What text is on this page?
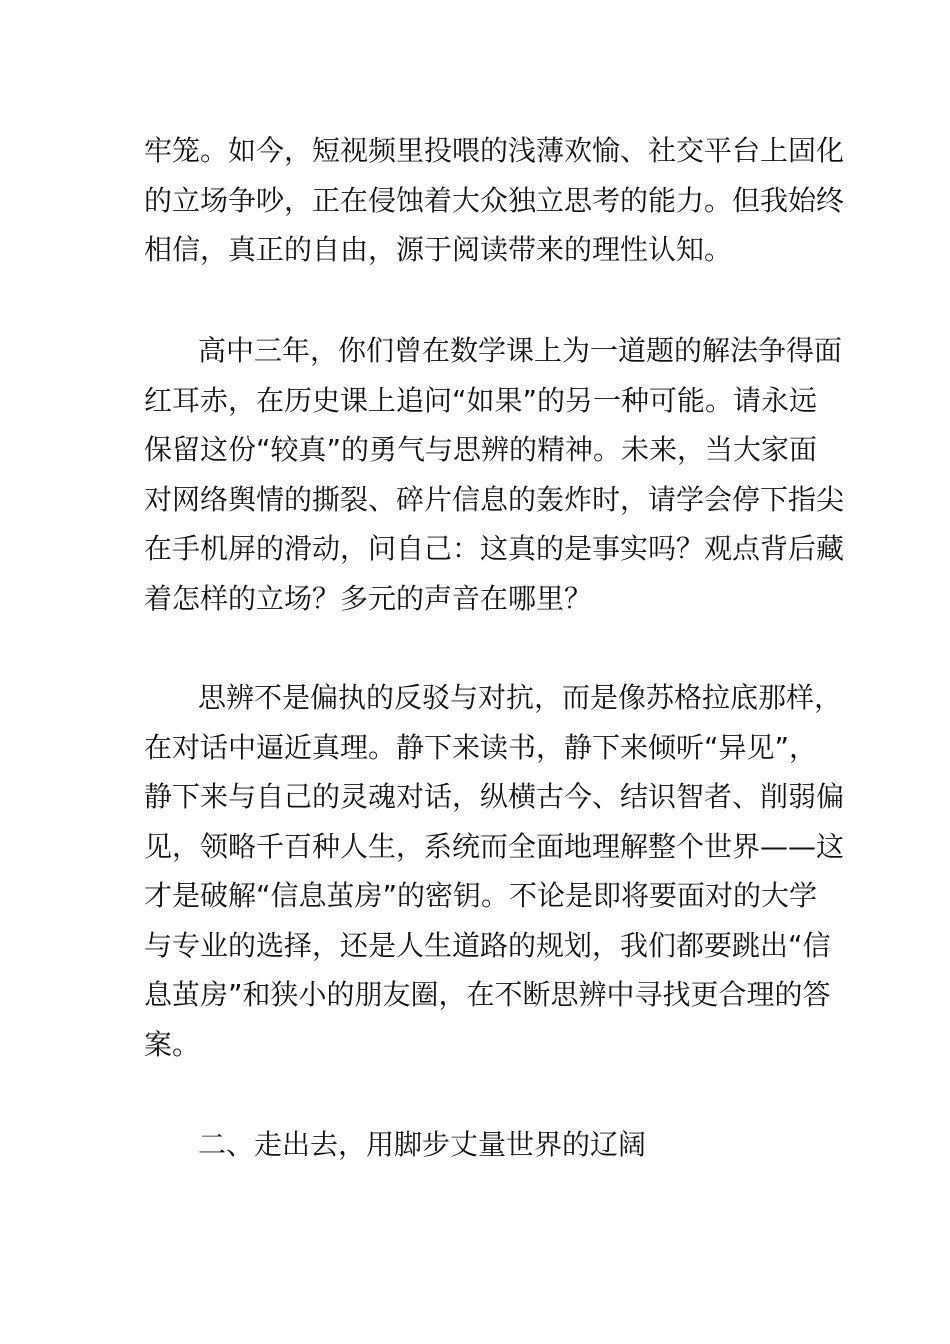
牢笼。如今，短视频里投喂的浅薄欢愉、社交平台上固化
的立场争吵，正在侵蚀着大众独立思考的能力。但我始终
相信，真正的自由，源于阅读带来的理性认知。
高中三年，你们曾在数学课上为一道题的解法争得面
红耳赤，在历史课上追问“如果”的另一种可能。请永远
保留这份“较真”的勇气与思辨的精神。未来，当大家面
对网络舆情的撕裂、碎片信息的轰炸时，请学会停下指尖
在手机屏的滑动，问自己：这真的是事实吗？观点背后藏
着怎样的立场？多元的声音在哪里？
思辨不是偏执的反驳与对抗，而是像苏格拉底那样，
在对话中逼近真理。静下来读书，静下来倾听“异见”，
静下来与自己的灵魂对话，纵横古今、结识智者、削弱偏
见，领略千百种人生，系统而全面地理解整个世界——这
才是破解“信息茧房”的密钥。不论是即将要面对的大学
与专业的选择，还是人生道路的规划，我们都要跳出“信
息茧房”和狭小的朋友圈，在不断思辨中寻找更合理的答
案。
二、走出去，用脚步丈量世界的辽阔
